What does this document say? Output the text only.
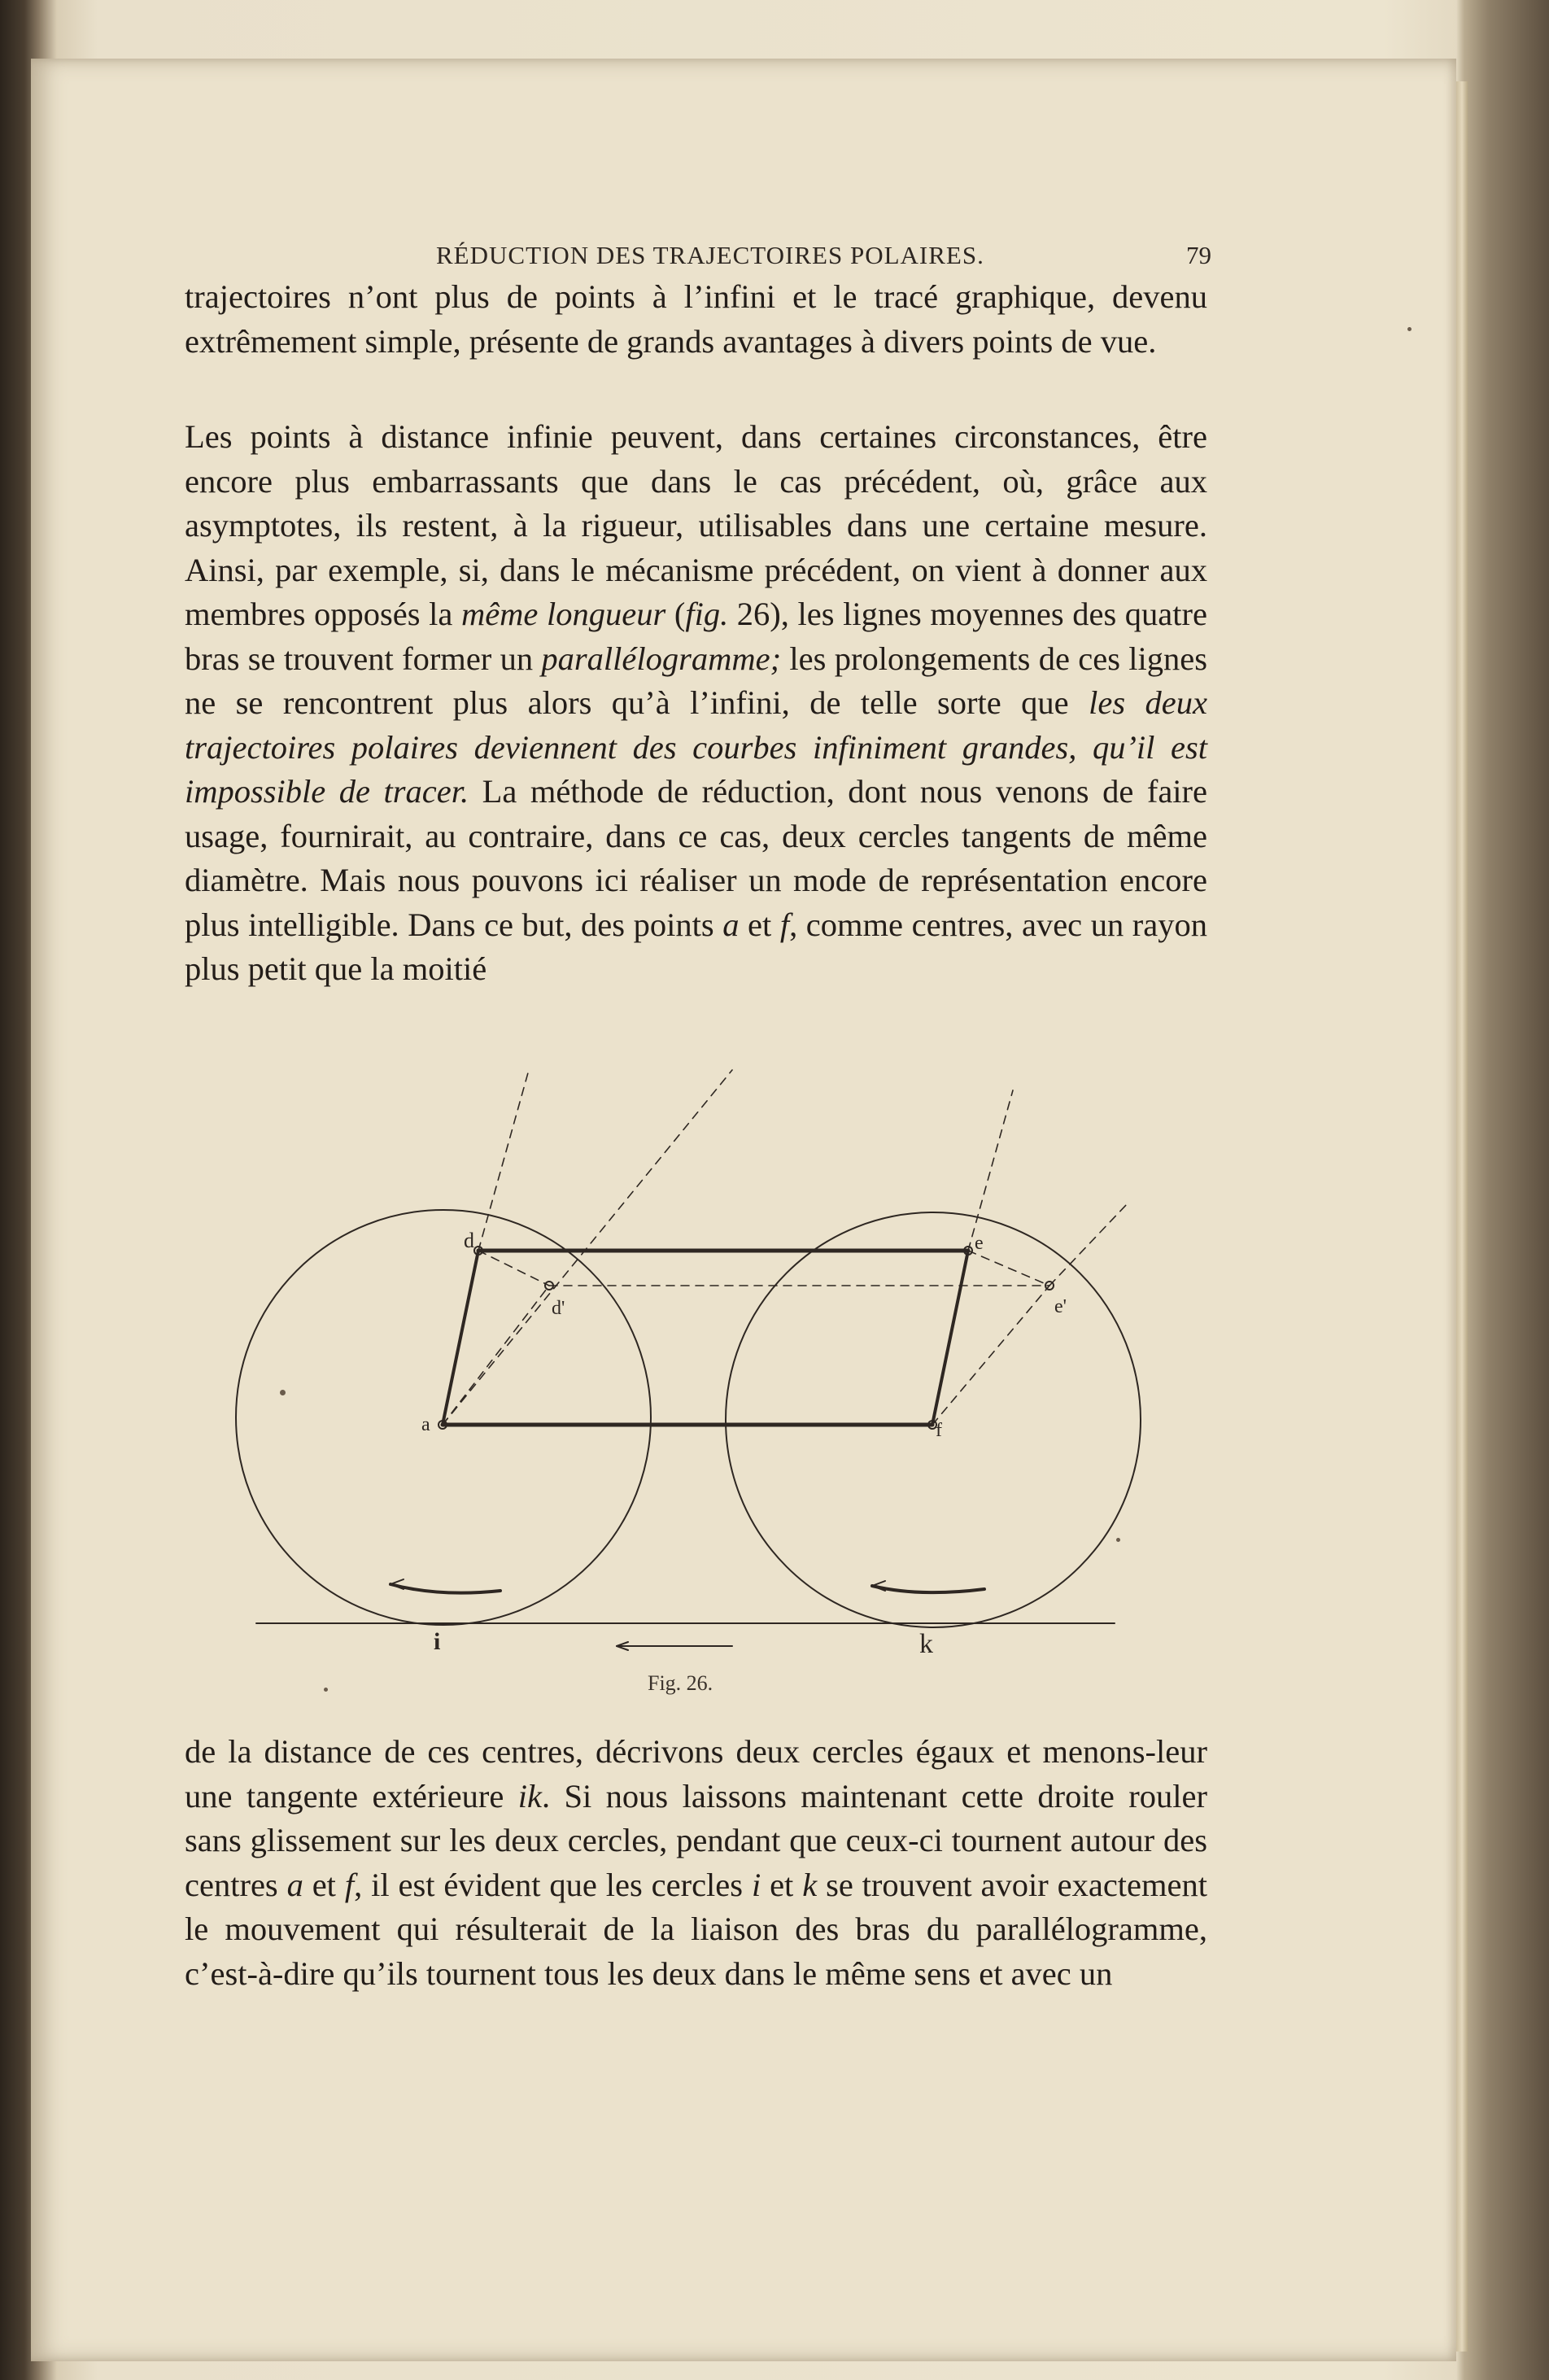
RÉDUCTION DES TRAJECTOIRES POLAIRES.	79

trajectoires n’ont plus de points à l’infini et le tracé graphique, devenu extrêmement simple, présente de grands avantages à divers points de vue.

Les points à distance infinie peuvent, dans certaines circonstances, être encore plus embarrassants que dans le cas précédent, où, grâce aux asymptotes, ils restent, à la rigueur, utilisables dans une certaine mesure. Ainsi, par exemple, si, dans le mécanisme précédent, on vient à donner aux membres opposés la même longueur (fig. 26), les lignes moyennes des quatre bras se trouvent former un parallélogramme; les prolongements de ces lignes ne se rencontrent plus alors qu’à l’infini, de telle sorte que les deux trajectoires polaires deviennent des courbes infiniment grandes, qu’il est impossible de tracer. La méthode de réduction, dont nous venons de faire usage, fournirait, au contraire, dans ce cas, deux cercles tangents de même diamètre. Mais nous pouvons ici réaliser un mode de représentation encore plus intelligible. Dans ce but, des points a et f, comme centres, avec un rayon plus petit que la moitié

d
d'
e
e'
a	f
i	k
Fig. 26.

de la distance de ces centres, décrivons deux cercles égaux et menons-leur une tangente extérieure ik. Si nous laissons maintenant cette droite rouler sans glissement sur les deux cercles, pendant que ceux-ci tournent autour des centres a et f, il est évident que les cercles i et k se trouvent avoir exactement le mouvement qui résulterait de la liaison des bras du parallélogramme, c’est-à-dire qu’ils tournent tous les deux dans le même sens et avec un
